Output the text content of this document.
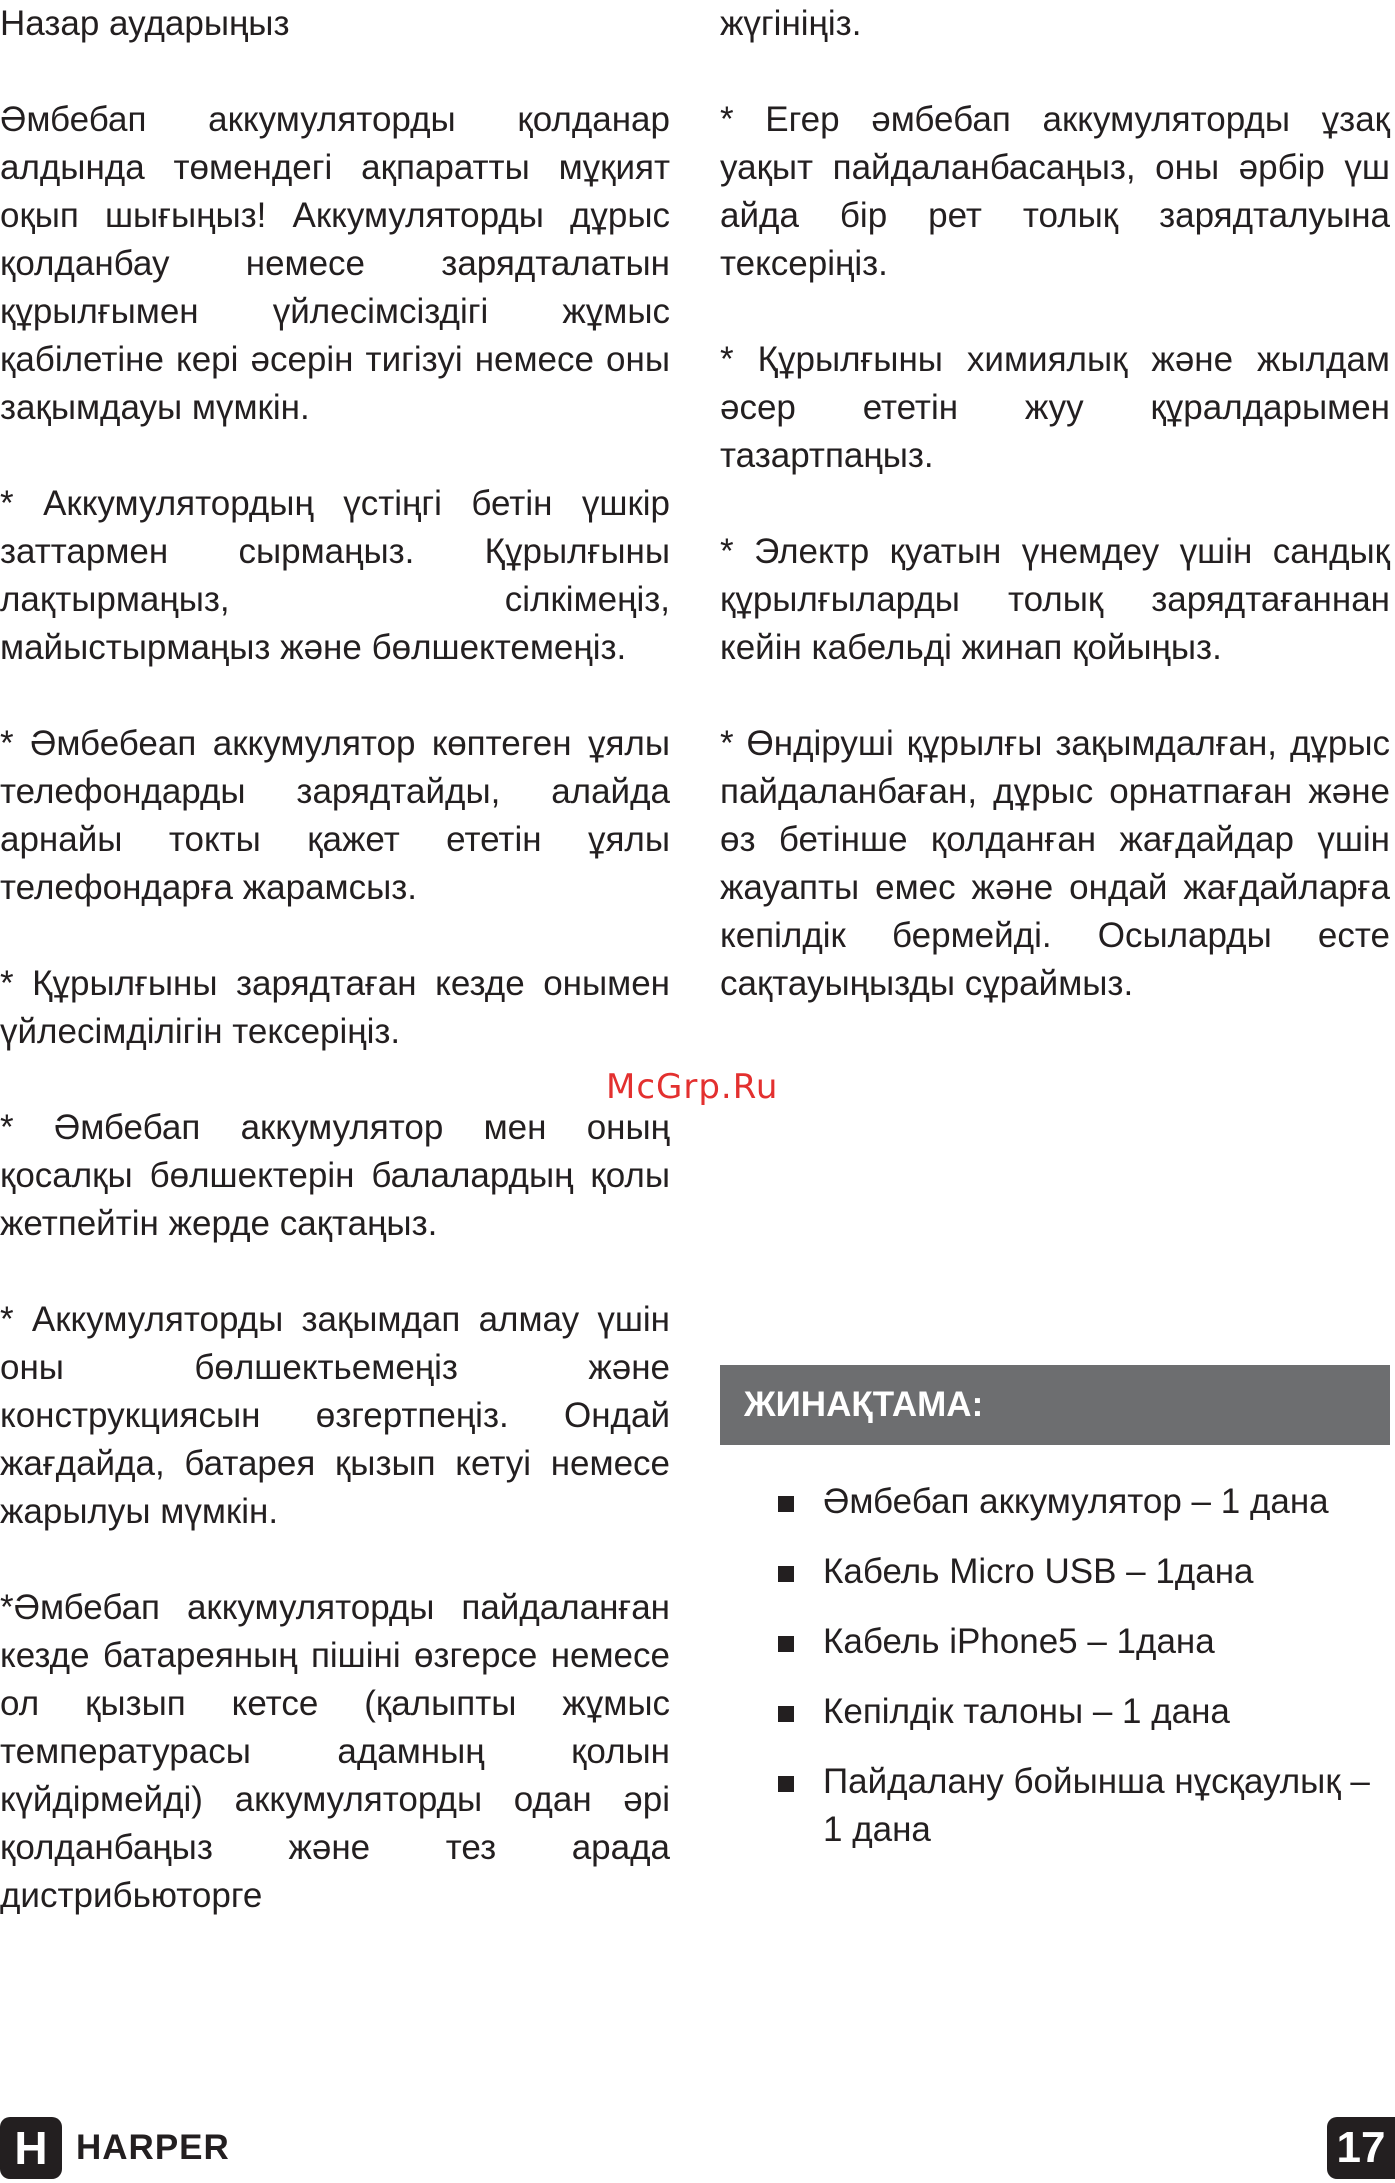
Назар аударыңыз

Әмбебап аккумуляторды қолданар алдында төмендегі ақпаратты мұқият оқып шығыңыз! Аккумуляторды дұрыс қолданбау немесе зарядталатын құрылғымен үйлесімсіздігі жұмыс қабілетіне кері әсерін тигізуі немесе оны зақымдауы мүмкін.

* Аккумулятордың үстіңгі бетін үшкір заттармен сырмаңыз. Құрылғыны лақтырмаңыз, сілкімеңіз, майыстырмаңыз және бөлшектемеңіз.

* Әмбебеап аккумулятор көптеген ұялы телефондарды зарядтайды, алайда арнайы токты қажет ететін ұялы телефондарға жарамсыз.

* Құрылғыны зарядтаған кезде онымен үйлесімділігін тексеріңіз.

* Әмбебап аккумулятор мен оның қосалқы бөлшектерін балалардың қолы жетпейтін жерде сақтаңыз.

* Аккумуляторды зақымдап алмау үшін оны бөлшектьемеңіз және конструкциясын өзгертпеңіз. Ондай жағдайда, батарея қызып кетуі немесе жарылуы мүмкін.

*Әмбебап аккумуляторды пайдаланған кезде батареяның пішіні өзгерсе немесе ол қызып кетсе (қалыпты жұмыс температурасы адамның қолын күйдірмейді) аккумуляторды одан әрі қолданбаңыз және тез арада дистрибьюторге

жүгініңіз.

* Егер әмбебап аккумуляторды ұзақ уақыт пайдаланбасаңыз, оны әрбір үш айда бір рет толық зарядталуына тексеріңіз.

* Құрылғыны химиялық және жылдам әсер ететін жуу құралдарымен тазартпаңыз.

* Электр қуатын үнемдеу үшін сандық құрылғыларды толық зарядтағаннан кейін кабельді жинап қойыңыз.

* Өндіруші құрылғы зақымдалған, дұрыс пайдаланбаған, дұрыс орнатпаған және өз бетінше қолданған жағдайдар үшін жауапты емес және ондай жағдайларға кепілдік бермейді. Осыларды есте сақтауыңызды сұраймыз.

McGrp.Ru
ЖИНАҚТАМА:
Әмбебап аккумулятор – 1 дана
Кабель Micro USB – 1дана
Кабель iPhone5 – 1дана
Кепілдік талоны – 1 дана
Пайдалану бойынша нұсқаулық – 1 дана
H HARPER	17
